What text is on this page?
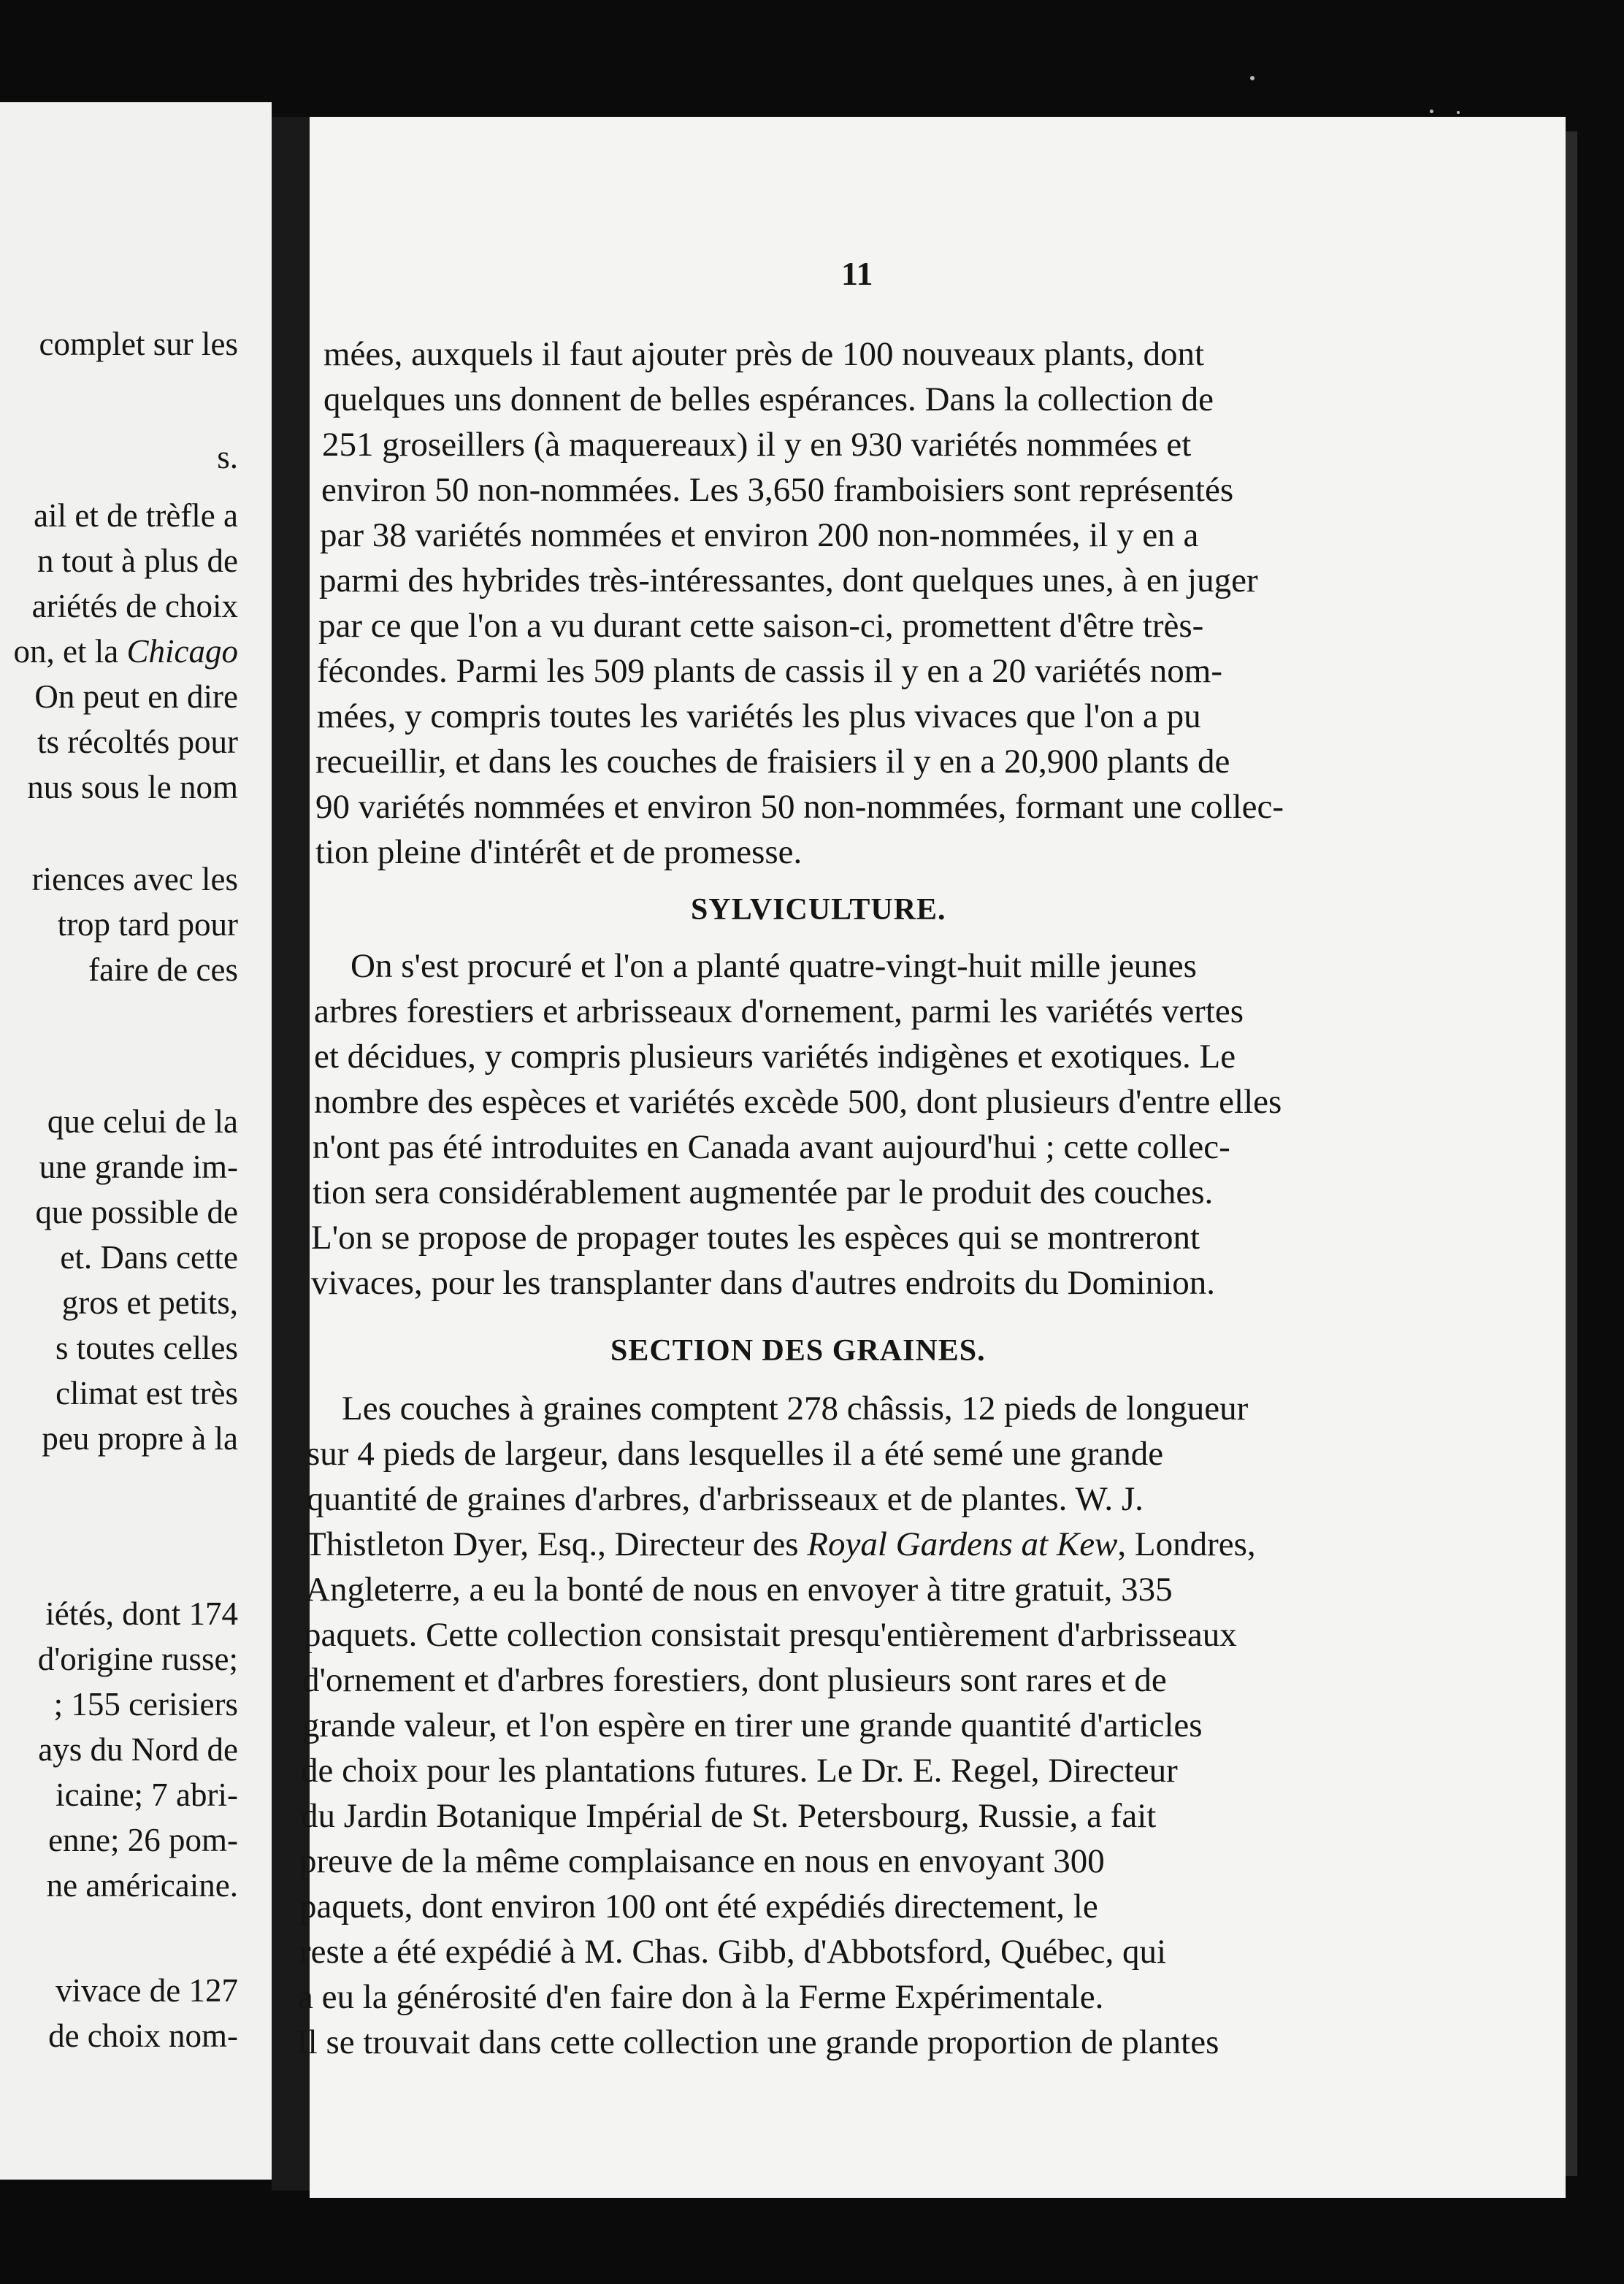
complet sur les
s.
ail et de trèfle a
n tout à plus de
ariétés de choix
on, et la Chicago
On peut en dire
ts récoltés pour
nus sous le nom
riences avec les
trop tard pour
faire de ces
que celui de la
une grande im-
que possible de
et. Dans cette
gros et petits,
s toutes celles
climat est très
peu propre à la
iétés, dont 174
d'origine russe;
; 155 cerisiers
ays du Nord de
icaine; 7 abri-
enne; 26 pom-
ne américaine.
vivace de 127
de choix nom-
11
mées, auxquels il faut ajouter près de 100 nouveaux plants, dont
quelques uns donnent de belles espérances. Dans la collection de
251 groseillers (à maquereaux) il y en 930 variétés nommées et
environ 50 non-nommées. Les 3,650 framboisiers sont représentés
par 38 variétés nommées et environ 200 non-nommées, il y en a
parmi des hybrides très-intéressantes, dont quelques unes, à en juger
par ce que l'on a vu durant cette saison-ci, promettent d'être très-
fécondes. Parmi les 509 plants de cassis il y en a 20 variétés nom-
mées, y compris toutes les variétés les plus vivaces que l'on a pu
recueillir, et dans les couches de fraisiers il y en a 20,900 plants de
90 variétés nommées et environ 50 non-nommées, formant une collec-
tion pleine d'intérêt et de promesse.
SYLVICULTURE.
On s'est procuré et l'on a planté quatre-vingt-huit mille jeunes
arbres forestiers et arbrisseaux d'ornement, parmi les variétés vertes
et décidues, y compris plusieurs variétés indigènes et exotiques. Le
nombre des espèces et variétés excède 500, dont plusieurs d'entre elles
n'ont pas été introduites en Canada avant aujourd'hui ; cette collec-
tion sera considérablement augmentée par le produit des couches.
L'on se propose de propager toutes les espèces qui se montreront
vivaces, pour les transplanter dans d'autres endroits du Dominion.
SECTION DES GRAINES.
Les couches à graines comptent 278 châssis, 12 pieds de longueur
sur 4 pieds de largeur, dans lesquelles il a été semé une grande
quantité de graines d'arbres, d'arbrisseaux et de plantes. W. J.
Thistleton Dyer, Esq., Directeur des Royal Gardens at Kew, Londres,
Angleterre, a eu la bonté de nous en envoyer à titre gratuit, 335
paquets. Cette collection consistait presqu'entièrement d'arbrisseaux
d'ornement et d'arbres forestiers, dont plusieurs sont rares et de
grande valeur, et l'on espère en tirer une grande quantité d'articles
de choix pour les plantations futures. Le Dr. E. Regel, Directeur
du Jardin Botanique Impérial de St. Petersbourg, Russie, a fait
preuve de la même complaisance en nous en envoyant 300
paquets, dont environ 100 ont été expédiés directement, le
reste a été expédié à M. Chas. Gibb, d'Abbotsford, Québec, qui
a eu la générosité d'en faire don à la Ferme Expérimentale.
Il se trouvait dans cette collection une grande proportion de plantes
